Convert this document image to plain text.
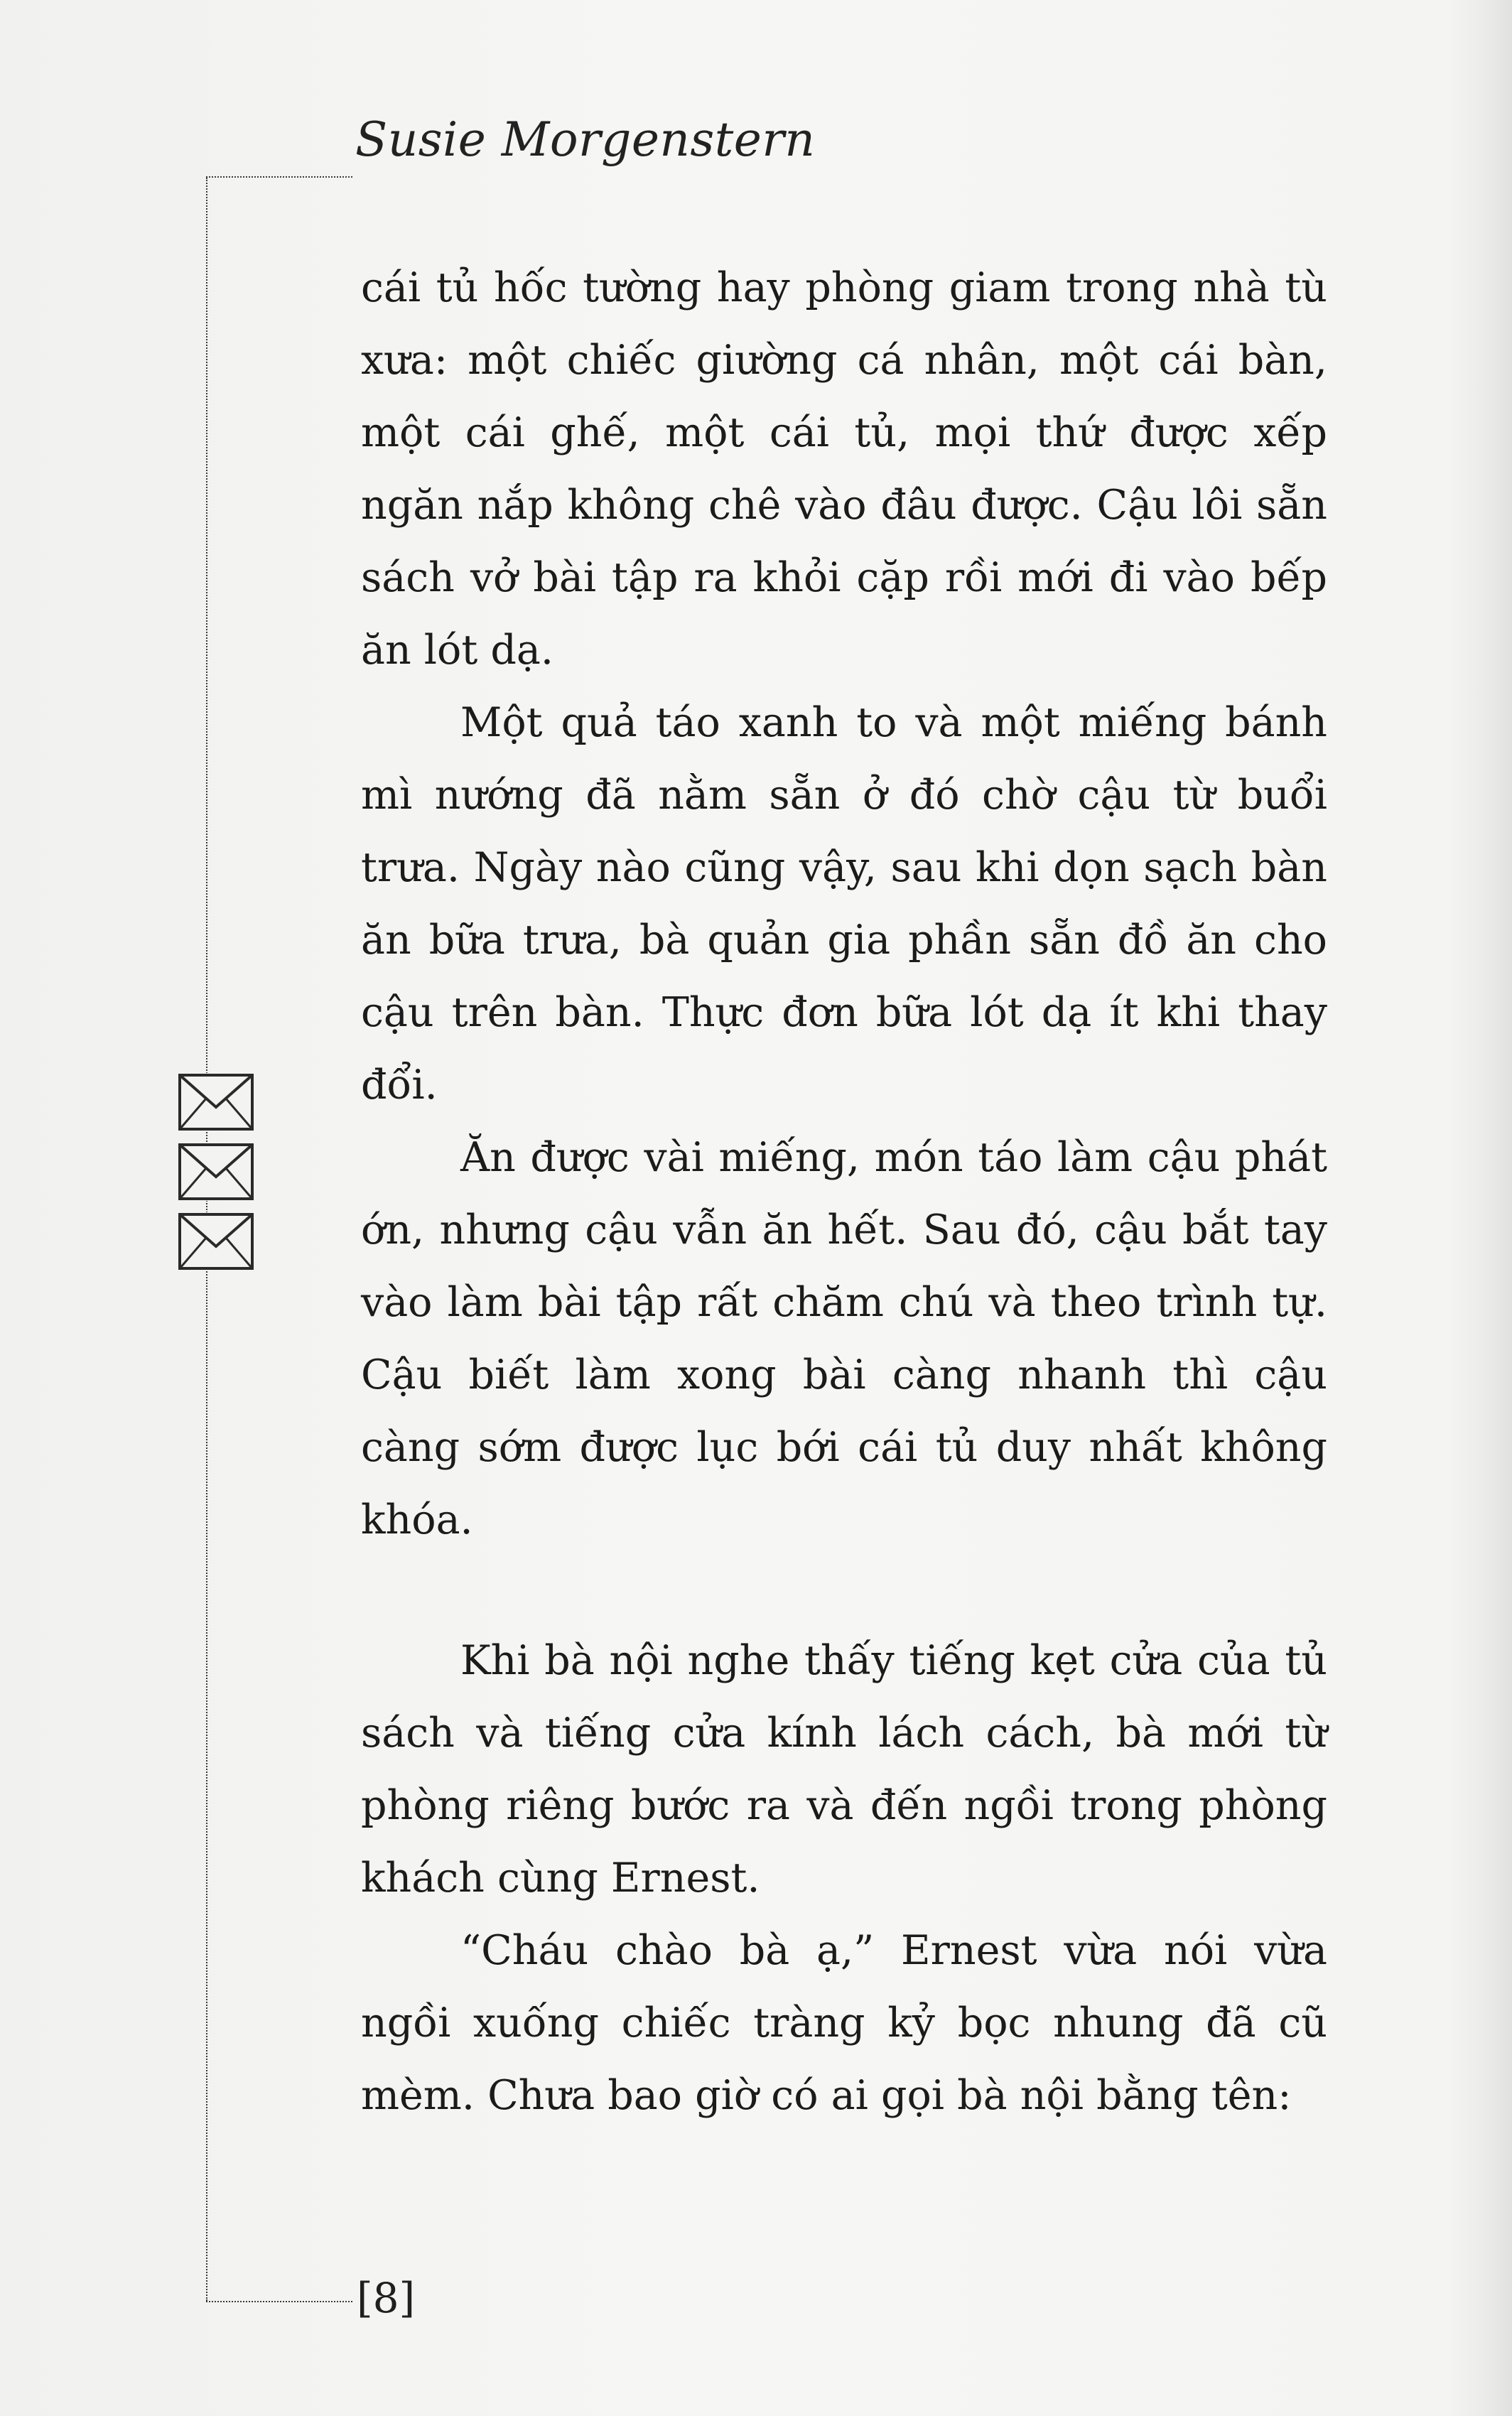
Susie Morgenstern

cái tủ hốc tường hay phòng giam trong nhà tù xưa: một chiếc giường cá nhân, một cái bàn, một cái ghế, một cái tủ, mọi thứ được xếp ngăn nắp không chê vào đâu được. Cậu lôi sẵn sách vở bài tập ra khỏi cặp rồi mới đi vào bếp ăn lót dạ.

Một quả táo xanh to và một miếng bánh mì nướng đã nằm sẵn ở đó chờ cậu từ buổi trưa. Ngày nào cũng vậy, sau khi dọn sạch bàn ăn bữa trưa, bà quản gia phần sẵn đồ ăn cho cậu trên bàn. Thực đơn bữa lót dạ ít khi thay đổi.

Ăn được vài miếng, món táo làm cậu phát ớn, nhưng cậu vẫn ăn hết. Sau đó, cậu bắt tay vào làm bài tập rất chăm chú và theo trình tự. Cậu biết làm xong bài càng nhanh thì cậu càng sớm được lục bới cái tủ duy nhất không khóa.

Khi bà nội nghe thấy tiếng kẹt cửa của tủ sách và tiếng cửa kính lách cách, bà mới từ phòng riêng bước ra và đến ngồi trong phòng khách cùng Ernest.

“Cháu chào bà ạ,” Ernest vừa nói vừa ngồi xuống chiếc tràng kỷ bọc nhung đã cũ mèm. Chưa bao giờ có ai gọi bà nội bằng tên:

[8]
